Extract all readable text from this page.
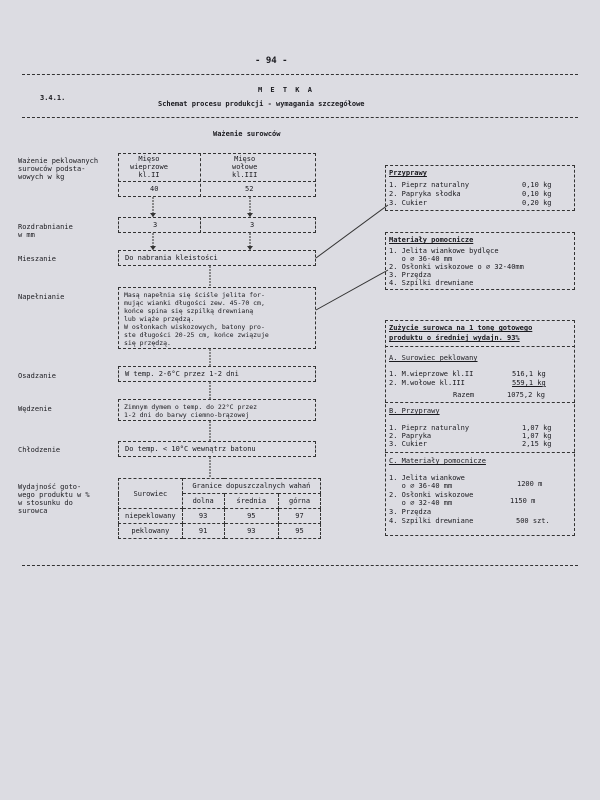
- 94 -
3.4.1.
M E T K A
Schemat procesu produkcji - wymagania szczegółowe
Ważenie surowców
Ważenie peklowanych
surowców podsta-
wowych w kg
Rozdrabnianie
w mm
Mieszanie
Napełnianie
Osadzanie
Wędzenie
Chłodzenie
Wydajność goto-
wego produktu w %
w stosunku do
surowca
Mięso
wieprzowe
kl.II
Mięso
wołowe
kl.III
40	52
3	3
Do nabrania kleistości
Masą napełnia się ściśle jelita for-
mując wianki długości zew. 45-70 cm,
końce spina się szpilką drewnianą
lub wiąże przędzą.
W osłonkach wiskozowych, batony pro-
ste długości 20-25 cm, końce związuje
się przędzą.
W temp. 2-6°C przez 1-2 dni
Zimnym dymem o temp. do 22°C przez
1-2 dni do barwy ciemno-brązowej
Do temp. < 10°C wewnątrz batonu
Surowiec	Granice dopuszczalnych wahań		
	dolna	średnia	górna
niepeklowany	93	95	97
peklowany	91	93	95
Przyprawy
1. Pieprz naturalny	0,10 kg
2. Papryka słodka	0,10 kg
3. Cukier	0,20 kg
Materiały pomocnicze
1. Jelita wiankowe bydlęce
o ∅ 36-40 mm
2. Osłonki wiskozowe o ∅ 32-40mm
3. Przędza
4. Szpilki drewniane
Zużycie surowca na 1 tonę gotowego
produktu o średniej wydajn. 93%
A. Surowiec peklowany
1. M.wieprzowe kl.II	516,1 kg
2. M.wołowe kl.III	559,1 kg
Razem	1075,2 kg
B. Przyprawy
1. Pieprz naturalny	1,07 kg
2. Papryka	1,07 kg
3. Cukier	2,15 kg
C. Materiały pomocnicze
1. Jelita wiankowe
o ∅ 36-40 mm	1200 m
2. Osłonki wiskozowe
o ∅ 32-40 mm	1150 m
3. Przędza
4. Szpilki drewniane	500 szt.
